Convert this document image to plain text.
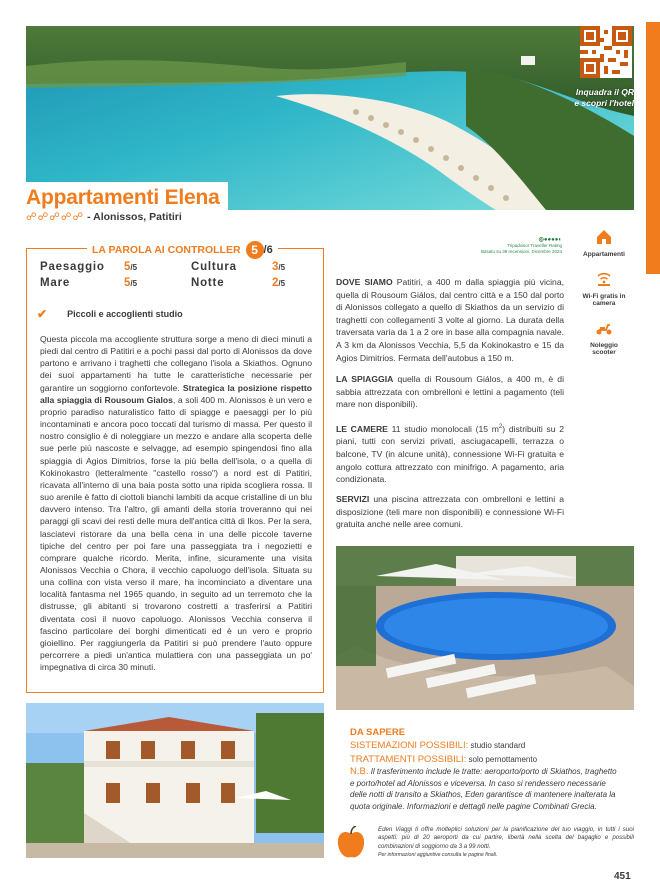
Inquadra il QR
e scopri l'hotel
Appartamenti Elena
☍☍☍☍☍ - Alonissos, Patitiri
LA PAROLA AI CONTROLLER 5 /6
Paesaggio 5/5	Cultura	3/5
Mare	5/5	Notte	2/5
✔ Piccoli e accoglienti studio
Questa piccola ma accogliente struttura sorge a meno di dieci minuti a piedi dal centro di Patitiri e a pochi passi dal porto di Alonissos da dove partono e arrivano i traghetti che collegano l'isola a Skiathos. Ognuno dei suoi appartamenti ha tutte le caratteristiche necessarie per garantire un soggiorno confortevole. Strategica la posizione rispetto alla spiaggia di Rousoum Gialos, a soli 400 m. Alonissos è un vero e proprio paradiso naturalistico fatto di spiagge e paesaggi per lo più incontaminati e ancora poco toccati dal turismo di massa. Per questo il nostro consiglio è di noleggiare un mezzo e andare alla scoperta delle sue perle più nascoste e selvagge, ad esempio spingendosi fino alla spiaggia di Agios Dimitrios, forse la più bella dell'isola, o a quella di Kokinokastro (letteralmente "castello rosso") a nord est di Patitiri, ricavata all'interno di una baia posta sotto una ripida scogliera rossa. Il suo arenile è fatto di ciottoli bianchi lambiti da acque cristalline di un blu davvero intenso. Tra l'altro, gli amanti della storia troveranno qui nei paraggi gli scavi dei resti delle mura dell'antica città di Ikos. Per la sera, lasciatevi ristorare da una bella cena in una delle piccole taverne tipiche del centro per poi fare una passeggiata tra i negozietti e comprare qualche ricordo. Merita, infine, sicuramente una visita Alonissos Vecchia o Chora, il vecchio capoluogo dell'isola. Situata su una collina con vista verso il mare, ha incominciato a diventare una località fantasma nel 1965 quando, in seguito ad un terremoto che la distrusse, gli abitanti si trovarono costretti a trasferirsi a Patitiri diventata così il nuovo capoluogo. Alonissos Vecchia conserva il fascino particolare dei borghi dimenticati ed è un vero e proprio gioiellino. Per raggiungerla da Patitiri si può prendere l'auto oppure percorrere a piedi un'antica mulattiera con una passeggiata un po' impegnativa di circa 30 minuti.
◎●●●●◐
Tripadvisor Traveller Rating
Basato su 39 recensioni, Dicembre 2024	Appartamenti
Wi-Fi gratis in camera
Noleggio scooter
DOVE SIAMO Patitiri, a 400 m dalla spiaggia più vicina, quella di Rousoum Giálos, dal centro città e a 150 dal porto di Alonissos collegato a quello di Skiathos da un servizio di traghetti con collegamenti 3 volte al giorno. La durata della traversata varia da 1 a 2 ore in base alla compagnia navale. A 3 km da Alonissos Vecchia, 5,5 da Kokinokastro e 15 da Agios Dimitrios. Fermata dell'autobus a 150 m.
LA SPIAGGIA quella di Rousoum Giálos, a 400 m, è di sabbia attrezzata con ombrelloni e lettini a pagamento (teli mare non disponibili).
LE CAMERE 11 studio monolocali (15 $m^2$) distribuiti su 2 piani, tutti con servizi privati, asciugacapelli, terrazza o balcone, TV (in alcune unità), connessione Wi-Fi gratuita e angolo cottura attrezzato con minifrigo. A pagamento, aria condizionata.
SERVIZI una piscina attrezzata con ombrelloni e lettini a disposizione (teli mare non disponibili) e connessione Wi-Fi gratuita anche nelle aree comuni.
DA SAPERE
SISTEMAZIONI POSSIBILI: studio standard
TRATTAMENTI POSSIBILI: solo pernottamento
N.B. Il trasferimento include le tratte: aeroporto/porto di Skiathos, traghetto e porto/hotel ad Alonissos e viceversa. In caso si rendessero necessarie delle notti di transito a Skiathos, Eden garantisce di mantenere inalterata la quota originale. Informazioni e dettagli nelle pagine Combinati Grecia.
Eden Viaggi ti offre molteplici soluzioni per la pianificazione del tuo viaggio, in tutti i suoi aspetti: più di 20 aeroporti da cui partire, libertà nella scelta del bagaglio e possibili combinazioni di soggiorno da 3 a 99 notti.
Per informazioni aggiuntive consulta le pagine finali.
451
